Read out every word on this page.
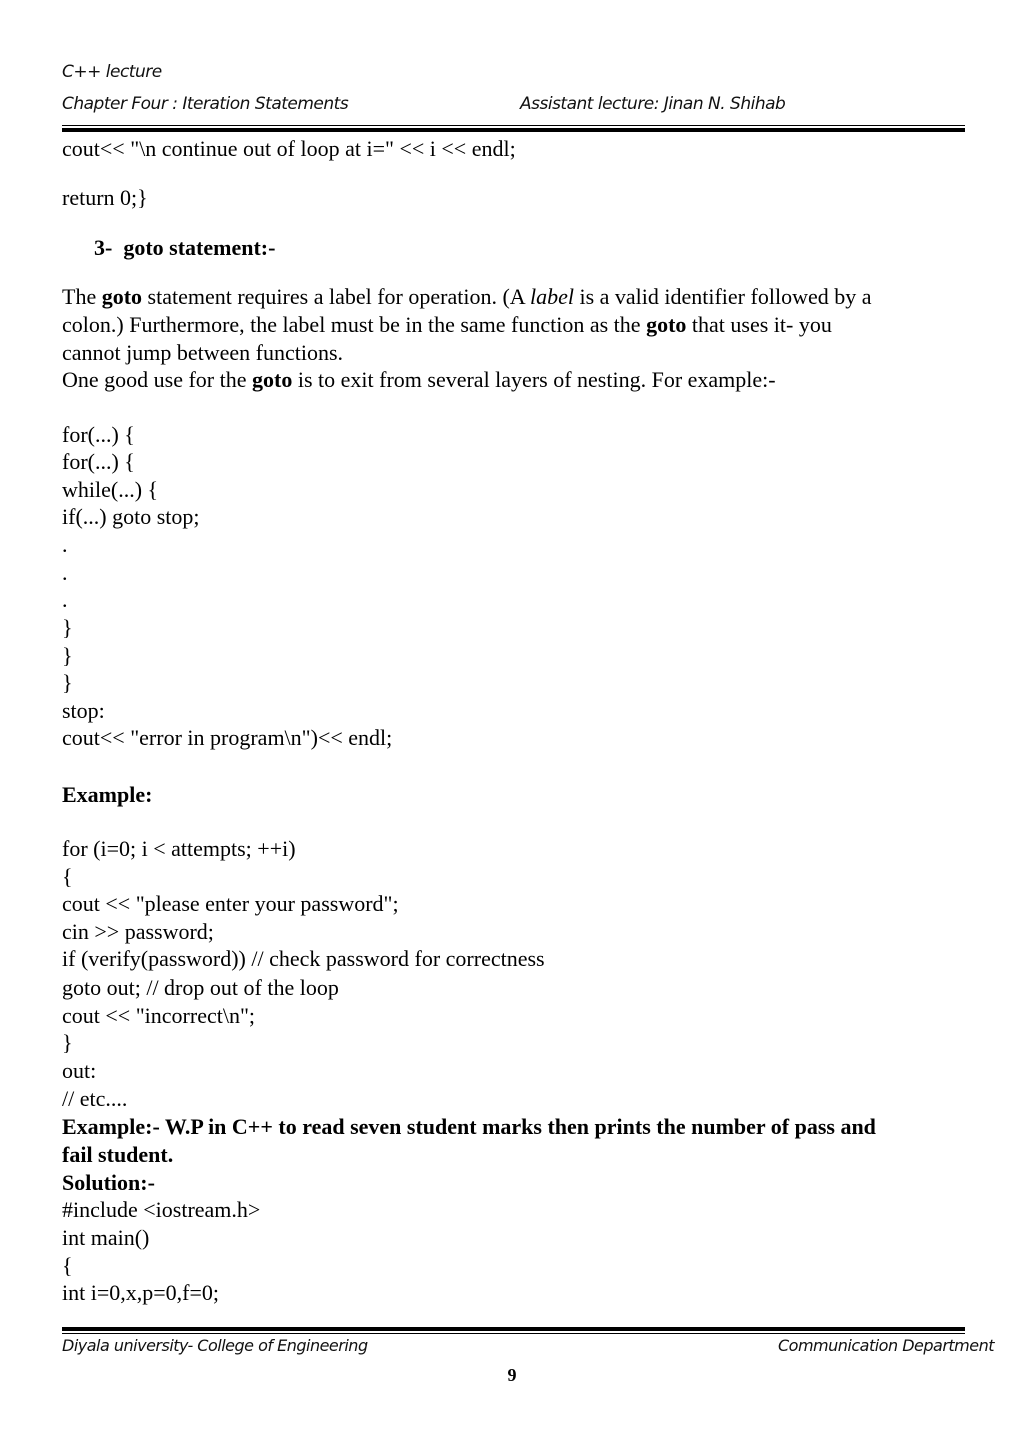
C++ lecture
Chapter Four : Iteration Statements	Assistant lecture: Jinan N. Shihab
cout<< "\n continue out of loop at i=" << i << endl;
return 0;}
3-  goto statement:-
The goto statement requires a label for operation. (A label is a valid identifier followed by a
colon.) Furthermore, the label must be in the same function as the goto that uses it- you
cannot jump between functions.
One good use for the goto is to exit from several layers of nesting. For example:-
for(...) {
for(...) {
while(...) {
if(...) goto stop;
.
.
.
}
}
}
stop:
cout<< "error in program\n")<< endl;
Example:
for (i=0; i < attempts; ++i)
{
cout << "please enter your password";
cin >> password;
if (verify(password)) // check password for correctness
goto out; // drop out of the loop
cout << "incorrect\n";
}
out:
// etc....
Example:- W.P in C++ to read seven student marks then prints the number of pass and
fail student.
Solution:-
#include <iostream.h>
int main()
{
int i=0,x,p=0,f=0;
Diyala university- College of Engineering	Communication Department
9
